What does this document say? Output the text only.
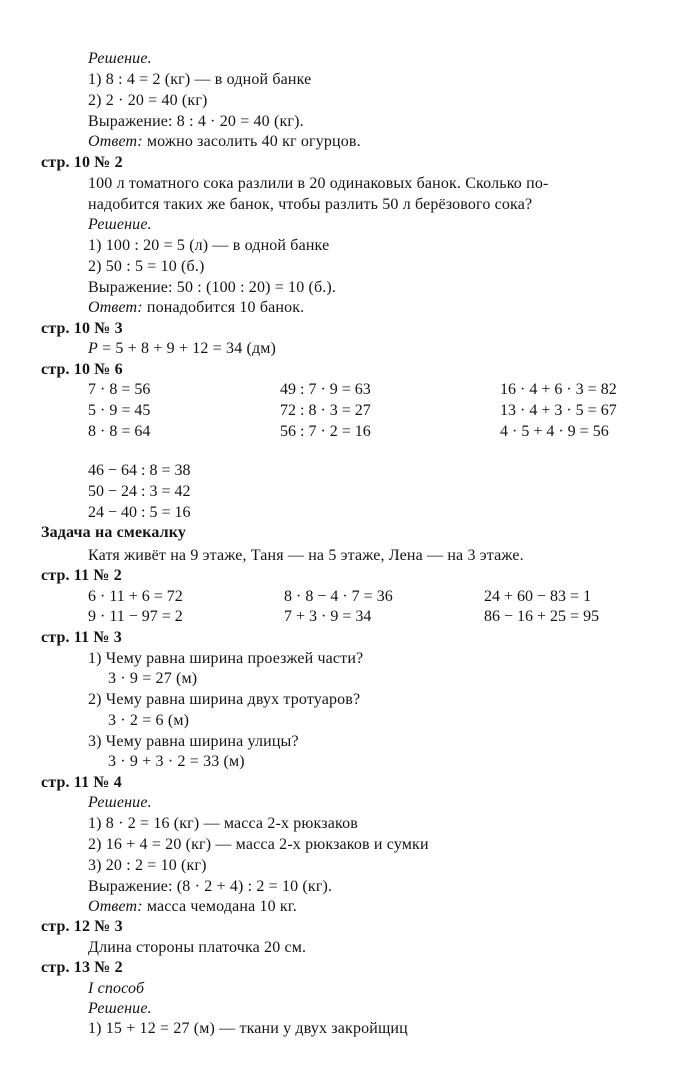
Решение.
1) 8 : 4 = 2 (кг) — в одной банке
2) 2 · 20 = 40 (кг)
Выражение: 8 : 4 · 20 = 40 (кг).
Ответ: можно засолить 40 кг огурцов.
стр. 10 № 2
100 л томатного сока разлили в 20 одинаковых банок. Сколько по-
надобится таких же банок, чтобы разлить 50 л берёзового сока?
Решение.
1) 100 : 20 = 5 (л) — в одной банке
2) 50 : 5 = 10 (б.)
Выражение: 50 : (100 : 20) = 10 (б.).
Ответ: понадобится 10 банок.
стр. 10 № 3
P = 5 + 8 + 9 + 12 = 34 (дм)
стр. 10 № 6
7 · 8 = 56
5 · 9 = 45
8 · 8 = 64
49 : 7 · 9 = 63
72 : 8 · 3 = 27
56 : 7 · 2 = 16
16 · 4 + 6 · 3 = 82
13 · 4 + 3 · 5 = 67
4 · 5 + 4 · 9 = 56
46 − 64 : 8 = 38
50 − 24 : 3 = 42
24 − 40 : 5 = 16
Задача на смекалку
Катя живёт на 9 этаже, Таня — на 5 этаже, Лена — на 3 этаже.
стр. 11 № 2
6 · 11 + 6 = 72
9 · 11 − 97 = 2
8 · 8 − 4 · 7 = 36
7 + 3 · 9 = 34
24 + 60 − 83 = 1
86 − 16 + 25 = 95
стр. 11 № 3
1) Чему равна ширина проезжей части?
3 · 9 = 27 (м)
2) Чему равна ширина двух тротуаров?
3 · 2 = 6 (м)
3) Чему равна ширина улицы?
3 · 9 + 3 · 2 = 33 (м)
стр. 11 № 4
Решение.
1) 8 · 2 = 16 (кг) — масса 2-х рюкзаков
2) 16 + 4 = 20 (кг) — масса 2-х рюкзаков и сумки
3) 20 : 2 = 10 (кг)
Выражение: (8 · 2 + 4) : 2 = 10 (кг).
Ответ: масса чемодана 10 кг.
стр. 12 № 3
Длина стороны платочка 20 см.
стр. 13 № 2
I способ
Решение.
1) 15 + 12 = 27 (м) — ткани у двух закройщиц
